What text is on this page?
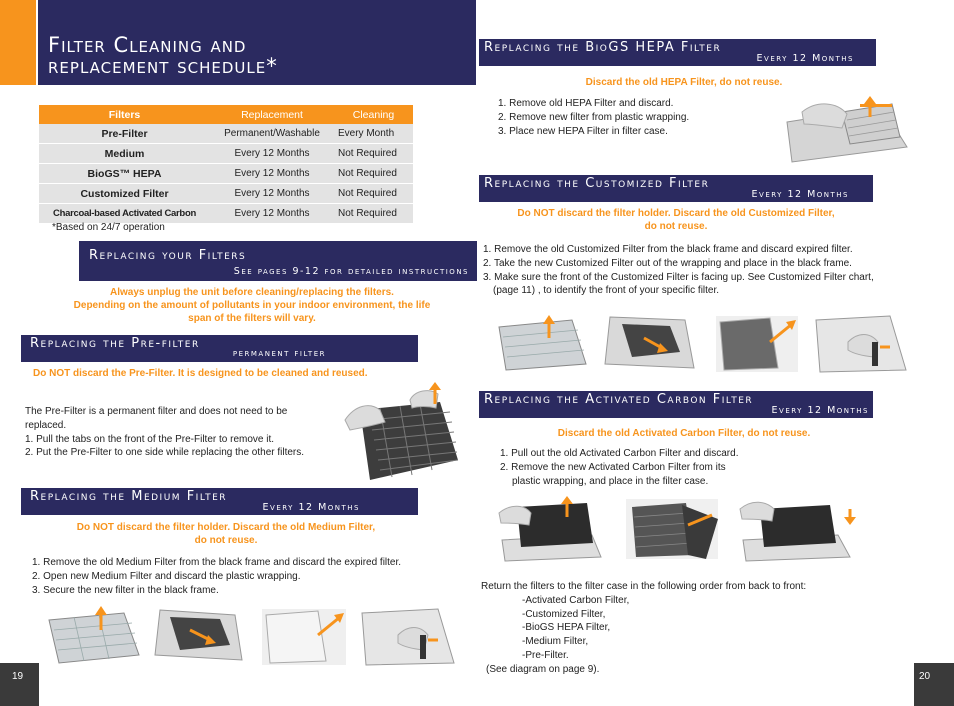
Filter Cleaning and
replacement schedule*
Filters	Replacement	Cleaning
Pre-Filter	Permanent/Washable	Every Month
Medium	Every 12 Months	Not Required
BioGS™ HEPA	Every 12 Months	Not Required
Customized Filter	Every 12 Months	Not Required
Charcoal-based Activated Carbon	Every 12 Months	Not Required
*Based on 24/7 operation
Replacing your Filters
See pages 9-12 for detailed instructions
Always unplug the unit before cleaning/replacing the filters.
Depending on the amount of pollutants in your indoor environment, the life
span of the filters will vary.
Replacing the Pre-filter
permanent filter
Do NOT discard the Pre-Filter. It is designed to be cleaned and reused.
The Pre-Filter is a permanent filter and does not need to be
replaced.
1. Pull the tabs on the front of the Pre-Filter to remove it.
2. Put the Pre-Filter to one side while replacing the other filters.
Replacing the Medium Filter
Every 12 Months
Do NOT discard the filter holder. Discard the old Medium Filter,
do not reuse.
1. Remove the old Medium Filter from the black frame and discard the expired filter.
2. Open new Medium Filter and discard the plastic wrapping.
3. Secure the new filter in the black frame.
19
Replacing the BioGS HEPA Filter
Every 12 Months
Discard the old HEPA Filter, do not reuse.
1. Remove old HEPA Filter and discard.
2. Remove new filter from plastic wrapping.
3. Place new HEPA Filter in filter case.
Replacing the Customized Filter
Every 12 Months
Do NOT discard the filter holder. Discard the old Customized Filter,
do not reuse.
1. Remove the old Customized Filter from the black frame and discard expired filter.
2. Take the new Customized Filter out of the wrapping and place in the black frame.
3. Make sure the front of the Customized Filter is facing up. See Customized Filter chart,
(page 11) , to identify the front of your specific filter.
Replacing the Activated Carbon Filter
Every 12 Months
Discard the old Activated Carbon Filter, do not reuse.
1. Pull out the old Activated Carbon Filter and discard.
2. Remove the new Activated Carbon Filter from its
plastic wrapping, and place in the filter case.
Return the filters to the filter case in the following order from back to front:
-Activated Carbon Filter,
-Customized Filter,
-BioGS HEPA Filter,
-Medium Filter,
-Pre-Filter.
(See diagram on page 9).
20
